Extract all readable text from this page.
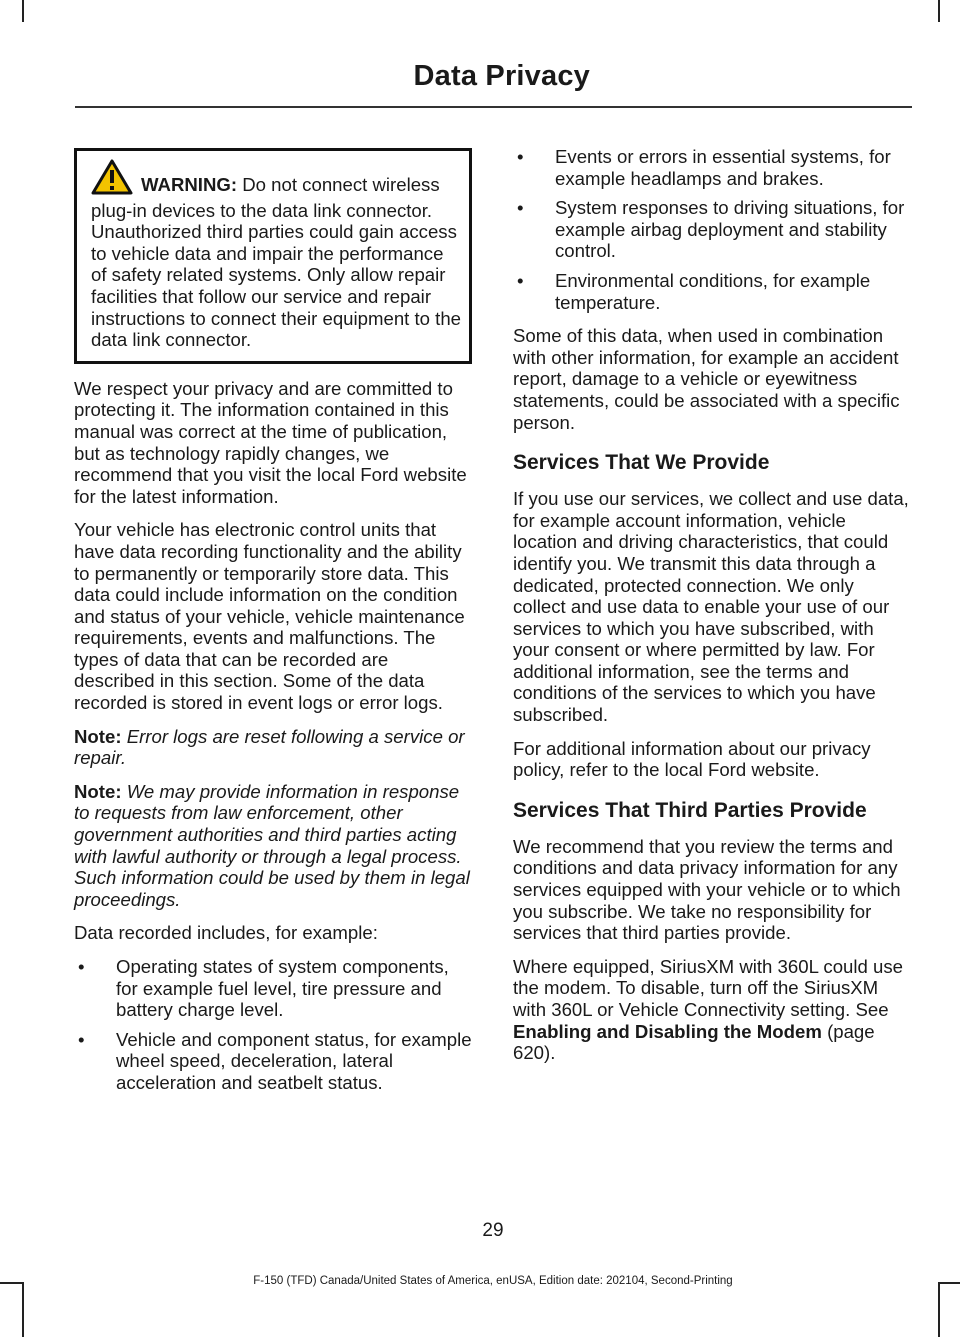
Data Privacy
WARNING: Do not connect wireless plug-in devices to the data link connector. Unauthorized third parties could gain access to vehicle data and impair the performance of safety related systems. Only allow repair facilities that follow our service and repair instructions to connect their equipment to the data link connector.

We respect your privacy and are committed to protecting it. The information contained in this manual was correct at the time of publication, but as technology rapidly changes, we recommend that you visit the local Ford website for the latest information.

Your vehicle has electronic control units that have data recording functionality and the ability to permanently or temporarily store data. This data could include information on the condition and status of your vehicle, vehicle maintenance requirements, events and malfunctions. The types of data that can be recorded are described in this section. Some of the data recorded is stored in event logs or error logs.

Note: Error logs are reset following a service or repair.

Note: We may provide information in response to requests from law enforcement, other government authorities and third parties acting with lawful authority or through a legal process. Such information could be used by them in legal proceedings.

Data recorded includes, for example:

• Operating states of system components, for example fuel level, tire pressure and battery charge level.
• Vehicle and component status, for example wheel speed, deceleration, lateral acceleration and seatbelt status.
• Events or errors in essential systems, for example headlamps and brakes.
• System responses to driving situations, for example airbag deployment and stability control.
• Environmental conditions, for example temperature.

Some of this data, when used in combination with other information, for example an accident report, damage to a vehicle or eyewitness statements, could be associated with a specific person.

Services That We Provide

If you use our services, we collect and use data, for example account information, vehicle location and driving characteristics, that could identify you. We transmit this data through a dedicated, protected connection. We only collect and use data to enable your use of our services to which you have subscribed, with your consent or where permitted by law. For additional information, see the terms and conditions of the services to which you have subscribed.

For additional information about our privacy policy, refer to the local Ford website.

Services That Third Parties Provide

We recommend that you review the terms and conditions and data privacy information for any services equipped with your vehicle or to which you subscribe. We take no responsibility for services that third parties provide.

Where equipped, SiriusXM with 360L could use the modem. To disable, turn off the SiriusXM with 360L or Vehicle Connectivity setting. See Enabling and Disabling the Modem (page 620).

29
F-150 (TFD) Canada/United States of America, enUSA, Edition date: 202104, Second-Printing
